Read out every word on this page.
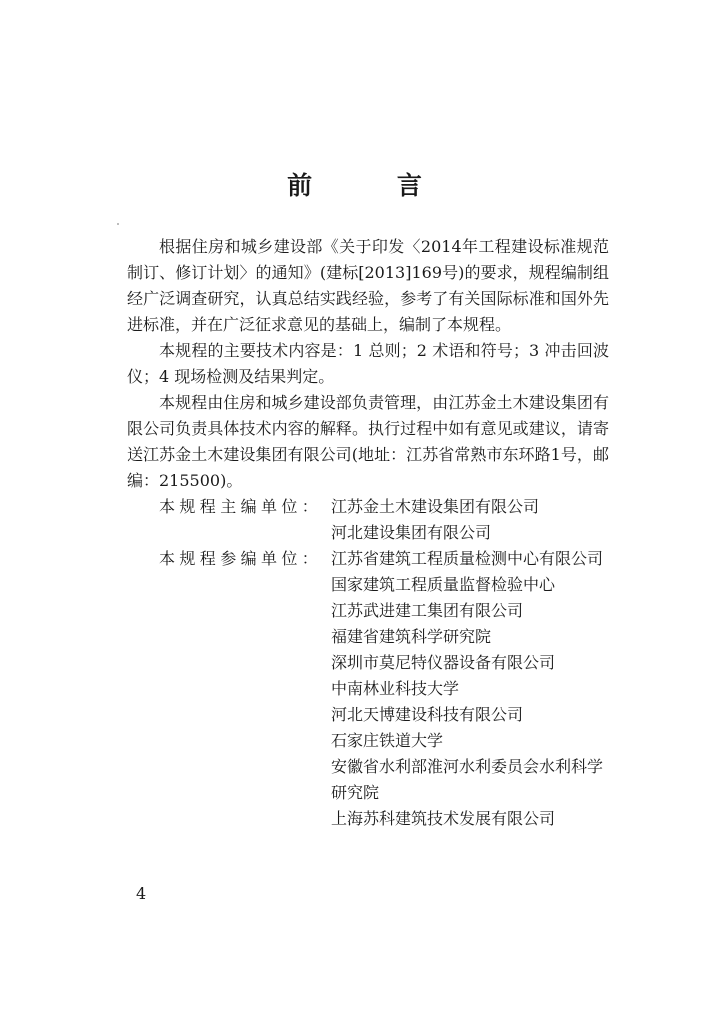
前 言

根据住房和城乡建设部《关于印发〈2014年工程建设标准规范制订、修订计划〉的通知》(建标[2013]169号)的要求，规程编制组经广泛调查研究，认真总结实践经验，参考了有关国际标准和国外先进标准，并在广泛征求意见的基础上，编制了本规程。

本规程的主要技术内容是：1 总则；2 术语和符号；3 冲击回波仪；4 现场检测及结果判定。

本规程由住房和城乡建设部负责管理，由江苏金土木建设集团有限公司负责具体技术内容的解释。执行过程中如有意见或建议，请寄送江苏金土木建设集团有限公司(地址：江苏省常熟市东环路1号，邮编：215500)。

本规程主编单位： 江苏金土木建设集团有限公司
河北建设集团有限公司
本规程参编单位： 江苏省建筑工程质量检测中心有限公司
国家建筑工程质量监督检验中心
江苏武进建工集团有限公司
福建省建筑科学研究院
深圳市莫尼特仪器设备有限公司
中南林业科技大学
河北天博建设科技有限公司
石家庄铁道大学
安徽省水利部淮河水利委员会水利科学研究院
上海苏科建筑技术发展有限公司
4
